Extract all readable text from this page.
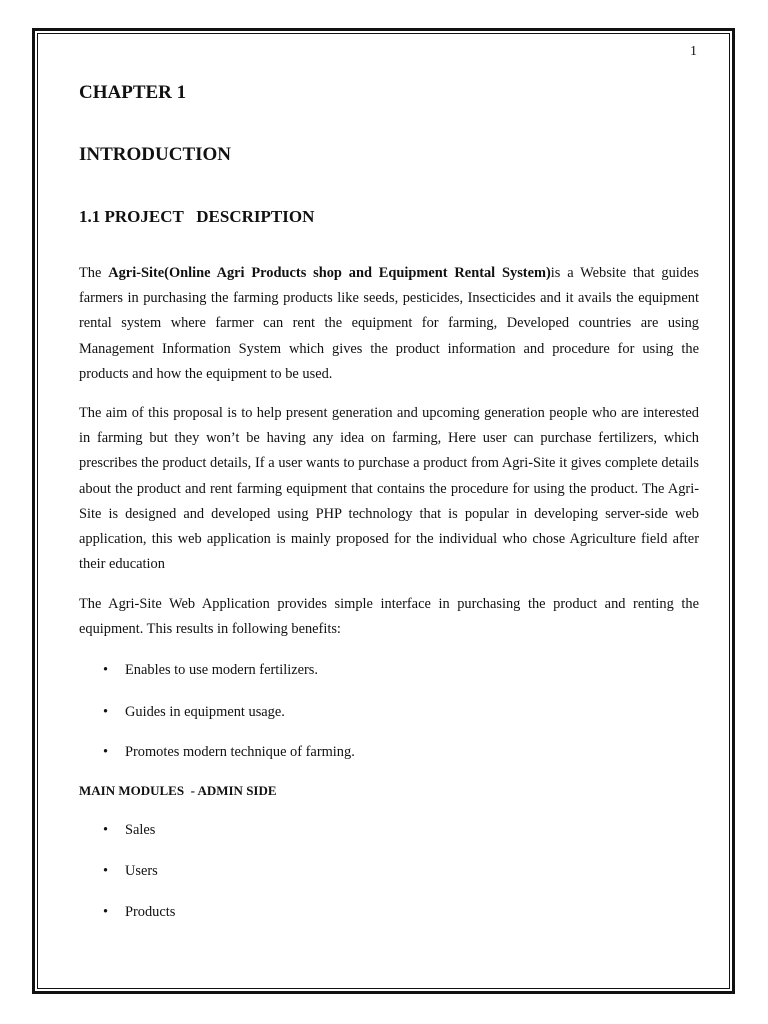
1
CHAPTER 1
INTRODUCTION
1.1 PROJECT   DESCRIPTION

The Agri-Site(Online Agri Products shop and Equipment Rental System)is a Website that guides farmers in purchasing the farming products like seeds, pesticides, Insecticides and it avails the equipment rental system where farmer can rent the equipment for farming, Developed countries are using Management Information System which gives the product information and procedure for using the products and how the equipment to be used.

The aim of this proposal is to help present generation and upcoming generation people who are interested in farming but they won’t be having any idea on farming, Here user can purchase fertilizers, which prescribes the product details, If a user wants to purchase a product from Agri-Site it gives complete details about the product and rent farming equipment that contains the procedure for using the product. The Agri-Site is designed and developed using PHP technology that is popular in developing server-side web application, this web application is mainly proposed for the individual who chose Agriculture field after their education

The Agri-Site Web Application provides simple interface in purchasing the product and renting the equipment. This results in following benefits:

• Enables to use modern fertilizers.
• Guides in equipment usage.
• Promotes modern technique of farming.
MAIN MODULES  - ADMIN SIDE
• Sales
• Users
• Products
